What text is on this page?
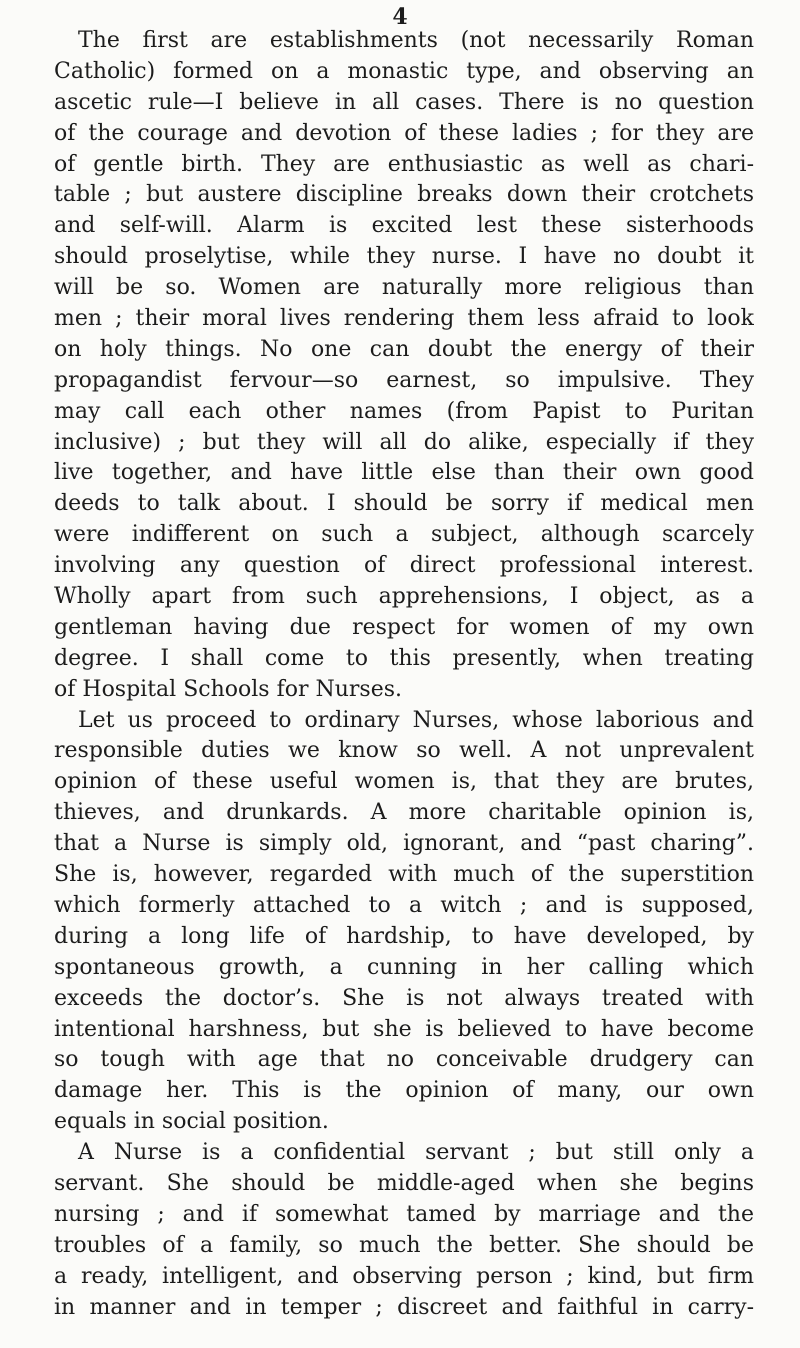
4
The first are establishments (not necessarily Roman
Catholic) formed on a monastic type, and observing an
ascetic rule—I believe in all cases. There is no question
of the courage and devotion of these ladies ; for they are
of gentle birth. They are enthusiastic as well as chari-
table ; but austere discipline breaks down their crotchets
and self-will. Alarm is excited lest these sisterhoods
should proselytise, while they nurse. I have no doubt it
will be so. Women are naturally more religious than
men ; their moral lives rendering them less afraid to look
on holy things. No one can doubt the energy of their
propagandist fervour—so earnest, so impulsive. They
may call each other names (from Papist to Puritan
inclusive) ; but they will all do alike, especially if they
live together, and have little else than their own good
deeds to talk about. I should be sorry if medical men
were indifferent on such a subject, although scarcely
involving any question of direct professional interest.
Wholly apart from such apprehensions, I object, as a
gentleman having due respect for women of my own
degree. I shall come to this presently, when treating
of Hospital Schools for Nurses.
Let us proceed to ordinary Nurses, whose laborious and
responsible duties we know so well. A not unprevalent
opinion of these useful women is, that they are brutes,
thieves, and drunkards. A more charitable opinion is,
that a Nurse is simply old, ignorant, and “past charing”.
She is, however, regarded with much of the superstition
which formerly attached to a witch ; and is supposed,
during a long life of hardship, to have developed, by
spontaneous growth, a cunning in her calling which
exceeds the doctor’s. She is not always treated with
intentional harshness, but she is believed to have become
so tough with age that no conceivable drudgery can
damage her. This is the opinion of many, our own
equals in social position.
A Nurse is a confidential servant ; but still only a
servant. She should be middle-aged when she begins
nursing ; and if somewhat tamed by marriage and the
troubles of a family, so much the better. She should be
a ready, intelligent, and observing person ; kind, but firm
in manner and in temper ; discreet and faithful in carry-
